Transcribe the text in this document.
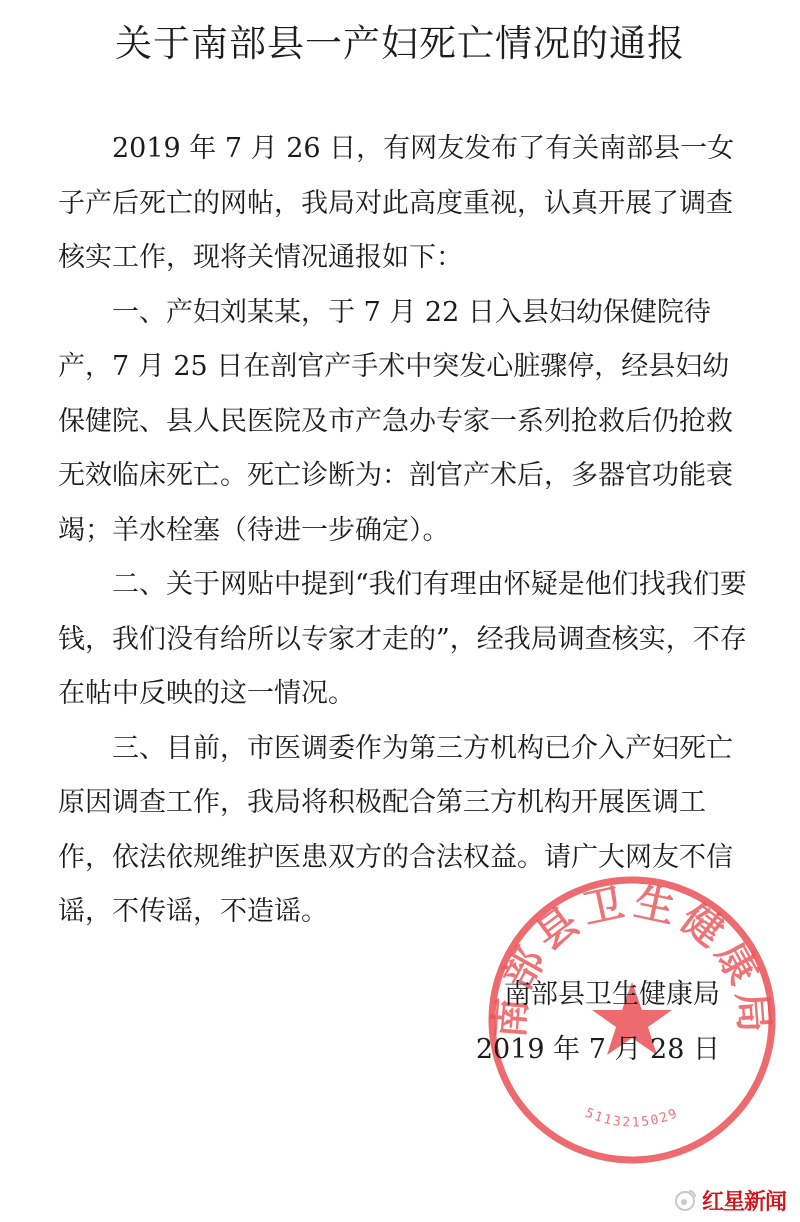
关于南部县一产妇死亡情况的通报

2019 年 7 月 26 日，有网友发布了有关南部县一女子产后死亡的网帖，我局对此高度重视，认真开展了调查核实工作，现将关情况通报如下：

一、产妇刘某某，于 7 月 22 日入县妇幼保健院待产，7 月 25 日在剖官产手术中突发心脏骤停，经县妇幼保健院、县人民医院及市产急办专家一系列抢救后仍抢救无效临床死亡。死亡诊断为：剖官产术后，多器官功能衰竭；羊水栓塞（待进一步确定）。

二、关于网贴中提到“我们有理由怀疑是他们找我们要钱，我们没有给所以专家才走的”，经我局调查核实，不存在帖中反映的这一情况。

三、目前，市医调委作为第三方机构已介入产妇死亡原因调查工作，我局将积极配合第三方机构开展医调工作，依法依规维护医患双方的合法权益。请广大网友不信谣，不传谣，不造谣。

南部县卫生健康局
5113215029
南部县卫生健康局
2019 年 7 月 28 日
红星新闻
